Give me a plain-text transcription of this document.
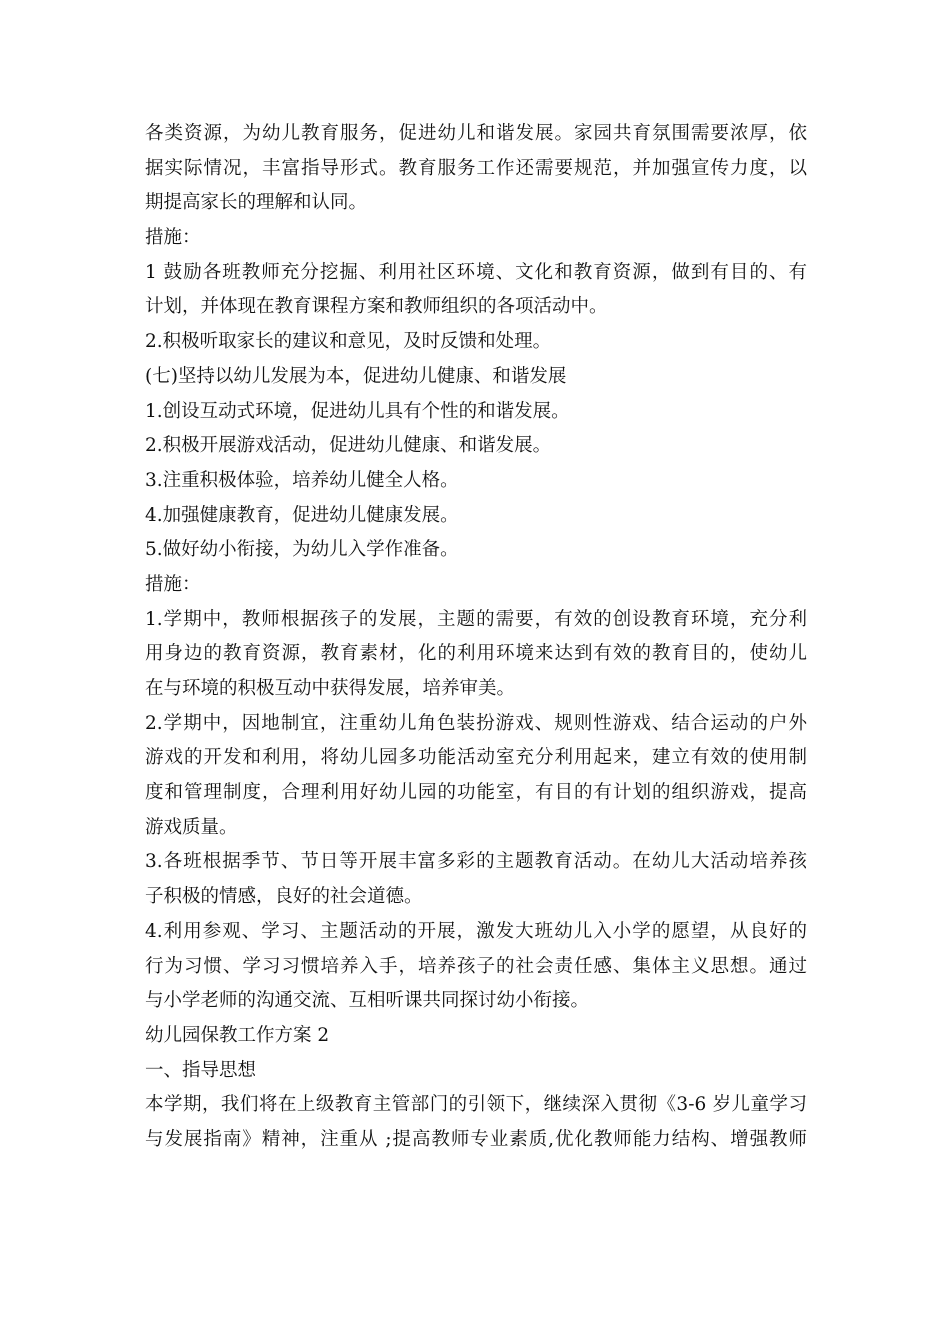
各类资源，为幼儿教育服务，促进幼儿和谐发展。家园共育氛围需要浓厚，依
据实际情况，丰富指导形式。教育服务工作还需要规范，并加强宣传力度，以
期提高家长的理解和认同。
措施：
1 鼓励各班教师充分挖掘、利用社区环境、文化和教育资源，做到有目的、有
计划，并体现在教育课程方案和教师组织的各项活动中。
2.积极听取家长的建议和意见，及时反馈和处理。
(七)坚持以幼儿发展为本，促进幼儿健康、和谐发展
1.创设互动式环境，促进幼儿具有个性的和谐发展。
2.积极开展游戏活动，促进幼儿健康、和谐发展。
3.注重积极体验，培养幼儿健全人格。
4.加强健康教育，促进幼儿健康发展。
5.做好幼小衔接，为幼儿入学作准备。
措施：
1.学期中，教师根据孩子的发展，主题的需要，有效的创设教育环境，充分利
用身边的教育资源，教育素材，化的利用环境来达到有效的教育目的，使幼儿
在与环境的积极互动中获得发展，培养审美。
2.学期中，因地制宜，注重幼儿角色装扮游戏、规则性游戏、结合运动的户外
游戏的开发和利用，将幼儿园多功能活动室充分利用起来，建立有效的使用制
度和管理制度，合理利用好幼儿园的功能室，有目的有计划的组织游戏，提高
游戏质量。
3.各班根据季节、节日等开展丰富多彩的主题教育活动。在幼儿大活动培养孩
子积极的情感，良好的社会道德。
4.利用参观、学习、主题活动的开展，激发大班幼儿入小学的愿望，从良好的
行为习惯、学习习惯培养入手，培养孩子的社会责任感、集体主义思想。通过
与小学老师的沟通交流、互相听课共同探讨幼小衔接。
幼儿园保教工作方案 2
一、指导思想
本学期，我们将在上级教育主管部门的引领下，继续深入贯彻《3-6 岁儿童学习
与发展指南》精神，注重从 ;提高教师专业素质,优化教师能力结构、增强教师
